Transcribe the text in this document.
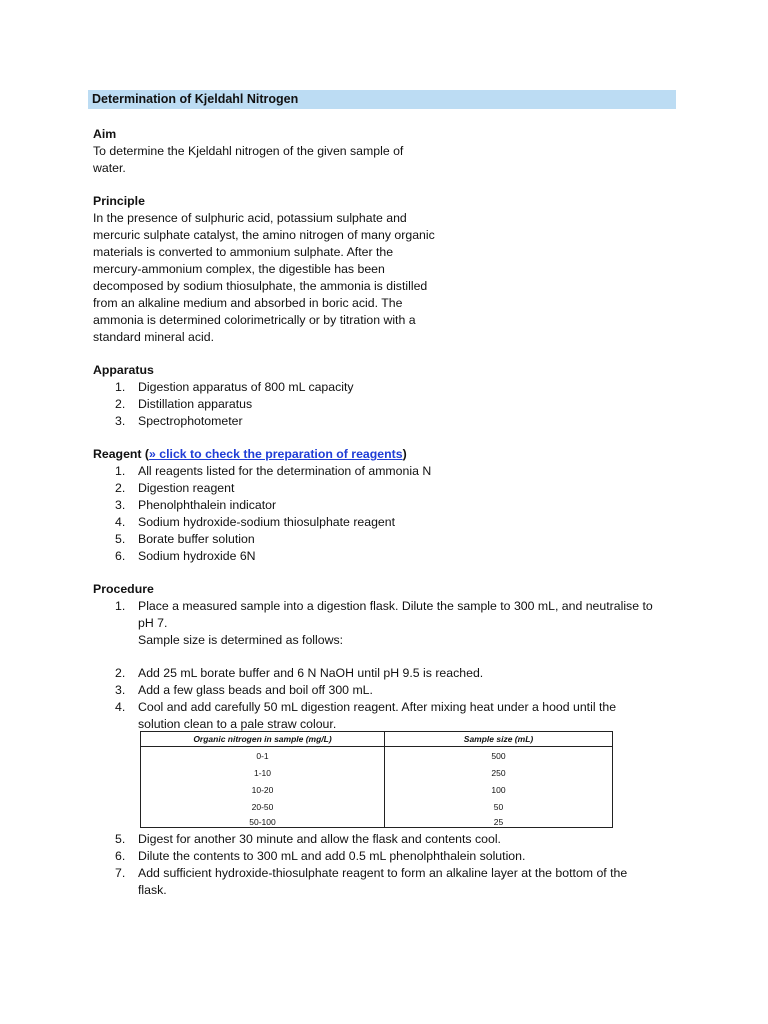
Determination of Kjeldahl Nitrogen
Aim
To determine the Kjeldahl nitrogen of the given sample of
water.
Principle
In the presence of sulphuric acid, potassium sulphate and
mercuric sulphate catalyst, the amino nitrogen of many organic
materials is converted to ammonium sulphate. After the
mercury-ammonium complex, the digestible has been
decomposed by sodium thiosulphate, the ammonia is distilled
from an alkaline medium and absorbed in boric acid. The
ammonia is determined colorimetrically or by titration with a
standard mineral acid.
Apparatus
1. Digestion apparatus of 800 mL capacity
2. Distillation apparatus
3. Spectrophotometer
Reagent (» click to check the preparation of reagents)
1. All reagents listed for the determination of ammonia N
2. Digestion reagent
3. Phenolphthalein indicator
4. Sodium hydroxide-sodium thiosulphate reagent
5. Borate buffer solution
6. Sodium hydroxide 6N
Procedure
1. Place a measured sample into a digestion flask. Dilute the sample to 300 mL, and neutralise to
pH 7.
Sample size is determined as follows:
2. Add 25 mL borate buffer and 6 N NaOH until pH 9.5 is reached.
3. Add a few glass beads and boil off 300 mL.
4. Cool and add carefully 50 mL digestion reagent. After mixing heat under a hood until the
solution clean to a pale straw colour.
Organic nitrogen in sample (mg/L)	Sample size (mL)
0-1	500
1-10	250
10-20	100
20-50	50
50-100	25
5. Digest for another 30 minute and allow the flask and contents cool.
6. Dilute the contents to 300 mL and add 0.5 mL phenolphthalein solution.
7. Add sufficient hydroxide-thiosulphate reagent to form an alkaline layer at the bottom of the
flask.
